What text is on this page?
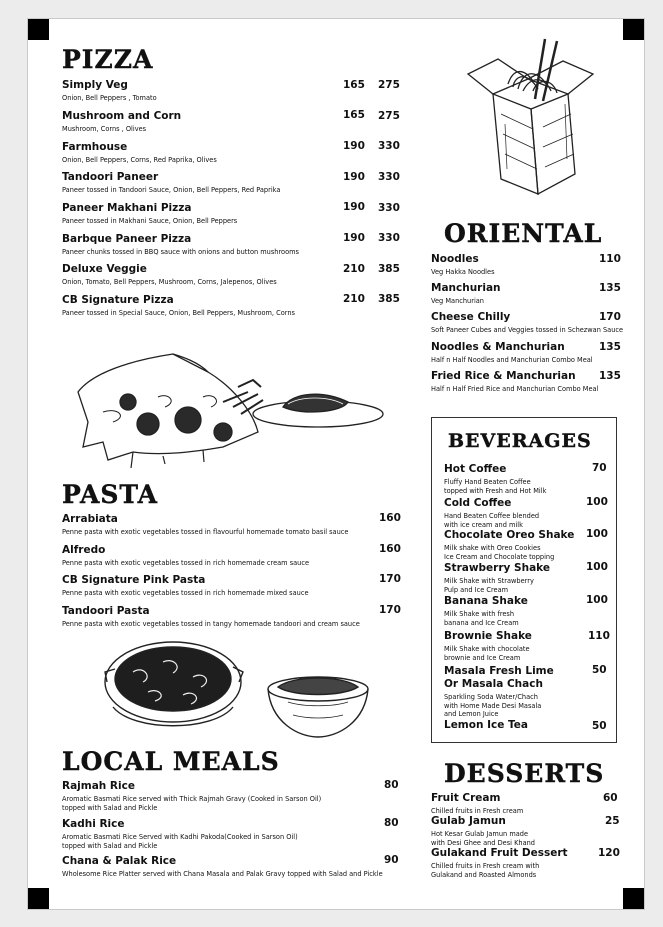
PIZZA
Simply Veg
Onion, Bell Peppers , Tomato
165 275
Mushroom and Corn
Mushroom, Corns , Olives
165 275
Farmhouse
Onion, Bell Peppers, Corns, Red Paprika, Olives
190 330
Tandoori Paneer
Paneer tossed in Tandoori Sauce, Onion, Bell Peppers, Red Paprika
190 330
Paneer Makhani Pizza
Paneer tossed in Makhani Sauce, Onion, Bell Peppers
190 330
Barbque Paneer Pizza
Paneer chunks tossed in BBQ sauce with onions and button mushrooms
190 330
Deluxe Veggie
Onion, Tomato, Bell Peppers, Mushroom, Corns, Jalepenos, Olives
210 385
CB Signature Pizza
Paneer tossed in Special Sauce, Onion, Bell Peppers, Mushroom, Corns
210 385
ORIENTAL
Noodles
Veg Hakka Noodles
110
Manchurian
Veg Manchurian
135
Cheese Chilly
Soft Paneer Cubes and Veggies tossed in Schezwan Sauce
170
Noodles & Manchurian
Half n Half Noodles and Manchurian Combo Meal
135
Fried Rice & Manchurian
Half n Half Fried Rice and Manchurian Combo Meal
135
BEVERAGES
Hot Coffee
Fluffy Hand Beaten Coffee
topped with Fresh and Hot Milk
70
Cold Coffee
Hand Beaten Coffee blended
with ice cream and milk
100
Chocolate Oreo Shake
Milk shake with Oreo Cookies
Ice Cream and Chocolate topping
100
Strawberry Shake
Milk Shake with Strawberry
Pulp and Ice Cream
100
Banana Shake
Milk Shake with fresh
banana and Ice Cream
100
Brownie Shake
Milk Shake with chocolate
brownie and Ice Cream
110
Masala Fresh Lime
Or Masala Chach
Sparkling Soda Water/Chach
with Home Made Desi Masala
and Lemon Juice
50
Lemon Ice Tea	50
PASTA
Arrabiata
Penne pasta with exotic vegetables tossed in flavourful homemade tomato basil sauce
160
Alfredo
Penne pasta with exotic vegetables tossed in rich homemade cream sauce
160
CB Signature Pink Pasta
Penne pasta with exotic vegetables tossed in rich homemade mixed sauce
170
Tandoori Pasta
Penne pasta with exotic vegetables tossed in tangy homemade tandoori and cream sauce
170
LOCAL MEALS
Rajmah Rice
Aromatic Basmati Rice served with Thick Rajmah Gravy (Cooked in Sarson Oil)
topped with Salad and Pickle
80
Kadhi Rice
Aromatic Basmati Rice Served with Kadhi Pakoda(Cooked in Sarson Oil)
topped with Salad and Pickle
80
Chana & Palak Rice
Wholesome Rice Platter served with Chana Masala and Palak Gravy topped with Salad and Pickle
90
DESSERTS
Fruit Cream
Chilled fruits in Fresh cream
60
Gulab Jamun
Hot Kesar Gulab Jamun made
with Desi Ghee and Desi Khand
25
Gulakand Fruit Dessert
Chilled fruits in Fresh cream with
Gulakand and Roasted Almonds
120
